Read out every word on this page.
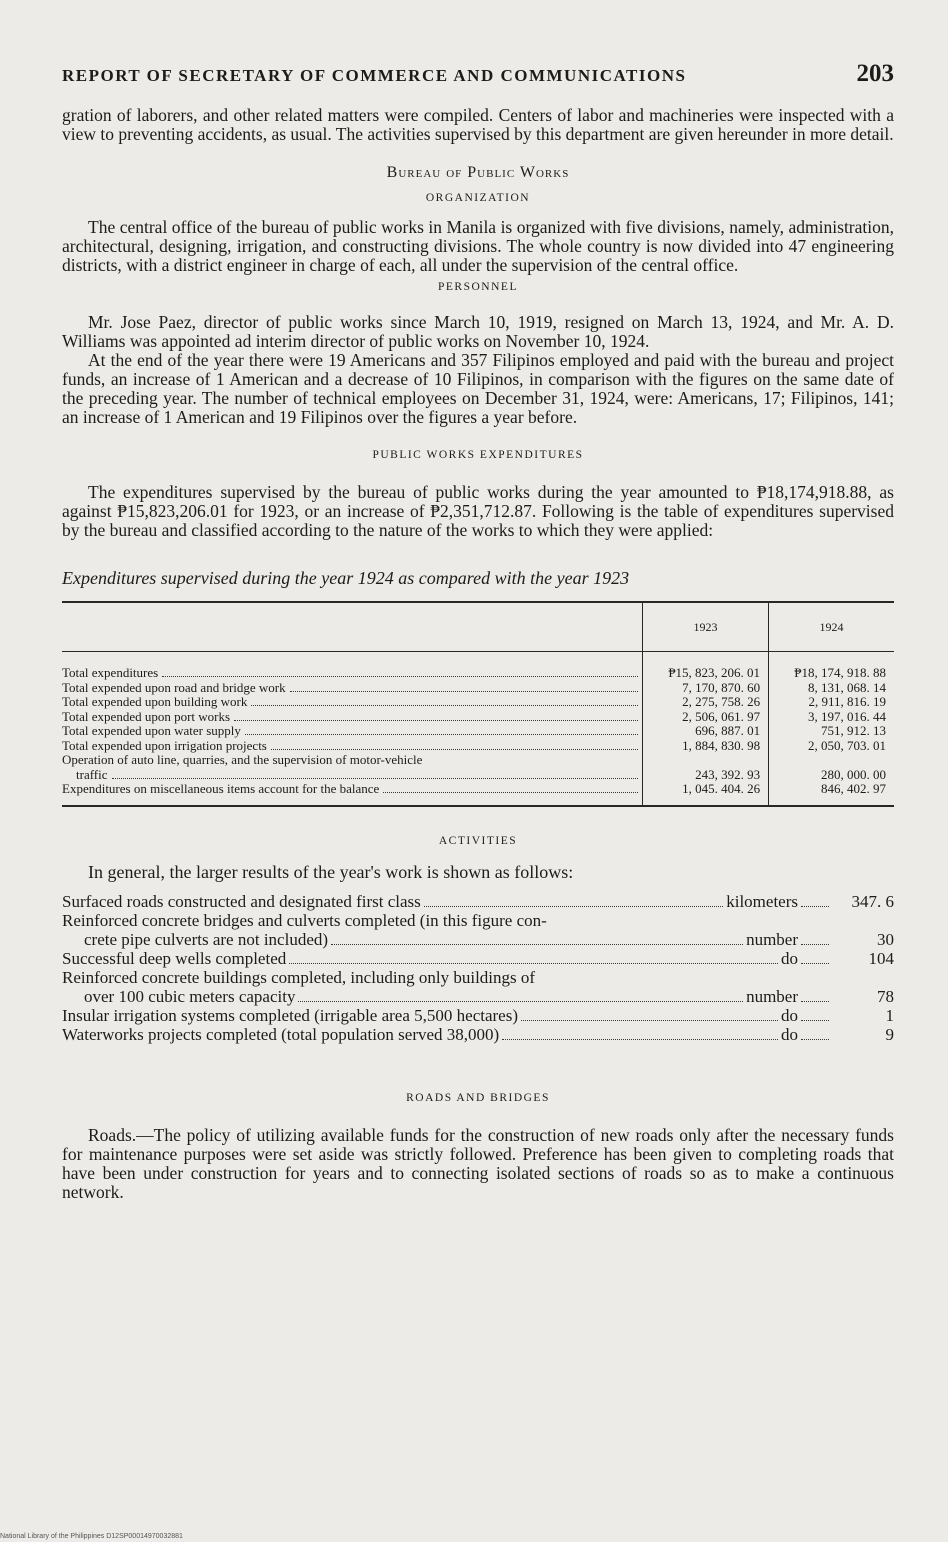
REPORT OF SECRETARY OF COMMERCE AND COMMUNICATIONS	203

gration of laborers, and other related matters were compiled. Centers of labor and machineries were inspected with a view to preventing accidents, as usual. The activities supervised by this department are given hereunder in more detail.

Bureau of Public Works
ORGANIZATION

The central office of the bureau of public works in Manila is organized with five divisions, namely, administration, architectural, designing, irrigation, and constructing divisions. The whole country is now divided into 47 engineering districts, with a district engineer in charge of each, all under the supervision of the central office.

PERSONNEL

Mr. Jose Paez, director of public works since March 10, 1919, resigned on March 13, 1924, and Mr. A. D. Williams was appointed ad interim director of public works on November 10, 1924.

At the end of the year there were 19 Americans and 357 Filipinos employed and paid with the bureau and project funds, an increase of 1 American and a decrease of 10 Filipinos, in comparison with the figures on the same date of the preceding year. The number of technical employees on December 31, 1924, were: Americans, 17; Filipinos, 141; an increase of 1 American and 19 Filipinos over the figures a year before.

PUBLIC WORKS EXPENDITURES

The expenditures supervised by the bureau of public works during the year amounted to ₱18,174,918.88, as against ₱15,823,206.01 for 1923, or an increase of ₱2,351,712.87. Following is the table of expenditures supervised by the bureau and classified according to the nature of the works to which they were applied:

Expenditures supervised during the year 1924 as compared with the year 1923
	1923	1924

Total expenditures	₱15, 823, 206. 01	₱18, 174, 918. 88

Total expended upon road and bridge work	7, 170, 870. 60	8, 131, 068. 14

Total expended upon building work	2, 275, 758. 26	2, 911, 816. 19

Total expended upon port works	2, 506, 061. 97	3, 197, 016. 44

Total expended upon water supply	696, 887. 01	751, 912. 13

Total expended upon irrigation projects	1, 884, 830. 98	2, 050, 703. 01

Operation of auto line, quarries, and the supervision of motor-vehicle
traffic	243, 392. 93	280, 000. 00

Expenditures on miscellaneous items account for the balance	1, 045. 404. 26	846, 402. 97
ACTIVITIES

In general, the larger results of the year's work is shown as follows:

Surfaced roads constructed and designated first class	kilometers	347. 6
Reinforced concrete bridges and culverts completed (in this figure con-
crete pipe culverts are not included)	number	30
Successful deep wells completed	do	104
Reinforced concrete buildings completed, including only buildings of
over 100 cubic meters capacity	number	78
Insular irrigation systems completed (irrigable area 5,500 hectares)	do	1
Waterworks projects completed (total population served 38,000)	do	9
ROADS AND BRIDGES

Roads.—The policy of utilizing available funds for the construction of new roads only after the necessary funds for maintenance purposes were set aside was strictly followed. Preference has been given to completing roads that have been under construction for years and to connecting isolated sections of roads so as to make a continuous network.

National Library of the Philippines D12SP00014970032881
